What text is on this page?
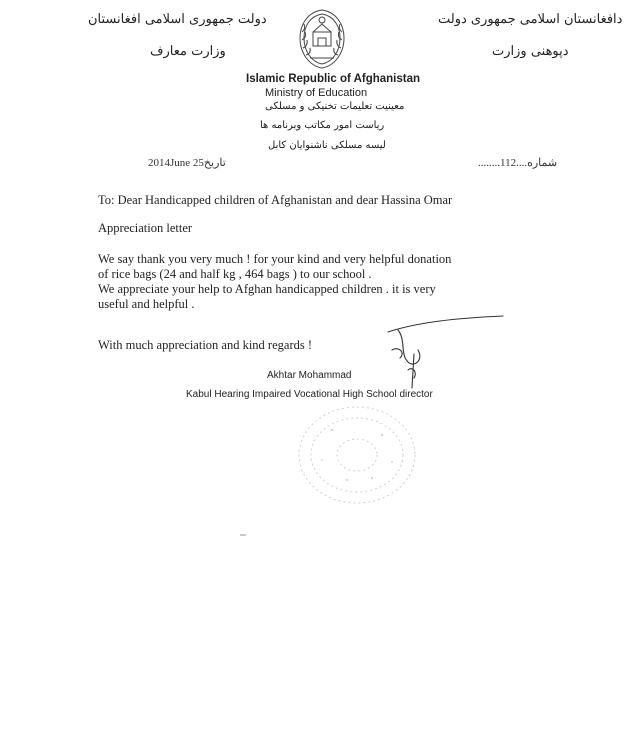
دولت جمهوری اسلامی افغانستان
وزارت معارف
دافغانستان اسلامی جمهوری دولت
دپوهنی وزارت
Islamic Republic of Afghanistan
Ministry of Education
معینیت تعلیمات تخنیکی و مسلکی
ریاست امور مکاتب وبرنامه ها
لیسه مسلکی ناشنوایان کابل
2014June 25تاریخ	........112....شماره
To: Dear Handicapped children of Afghanistan and dear Hassina Omar
Appreciation letter
We say thank you very much ! for your kind and very helpful donation
of rice bags (24 and half kg , 464 bags ) to our school .
We appreciate your help to Afghan handicapped children . it is very
useful and helpful .
With much appreciation and kind regards !
Akhtar Mohammad
Kabul Hearing Impaired Vocational High School director
